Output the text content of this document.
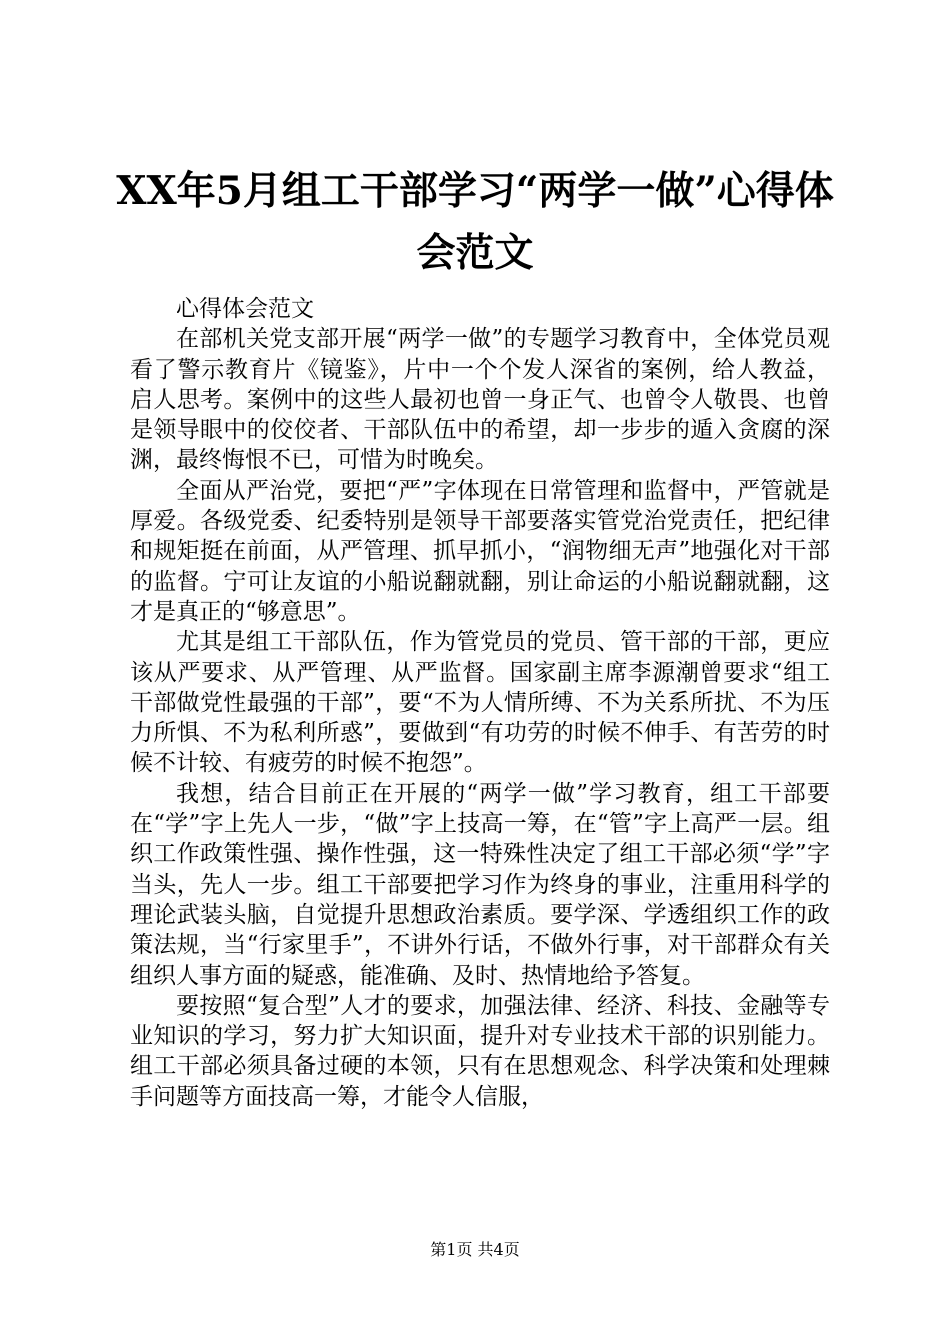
XX年5月组工干部学习“两学一做”心得体会范文

心得体会范文

在部机关党支部开展“两学一做”的专题学习教育中，全体党员观看了警示教育片《镜鉴》，片中一个个发人深省的案例，给人教益，启人思考。案例中的这些人最初也曾一身正气、也曾令人敬畏、也曾是领导眼中的佼佼者、干部队伍中的希望，却一步步的遁入贪腐的深渊，最终悔恨不已，可惜为时晚矣。

全面从严治党，要把“严”字体现在日常管理和监督中，严管就是厚爱。各级党委、纪委特别是领导干部要落实管党治党责任，把纪律和规矩挺在前面，从严管理、抓早抓小，“润物细无声”地强化对干部的监督。宁可让友谊的小船说翻就翻，别让命运的小船说翻就翻，这才是真正的“够意思”。

尤其是组工干部队伍，作为管党员的党员、管干部的干部，更应该从严要求、从严管理、从严监督。国家副主席李源潮曾要求“组工干部做党性最强的干部”，要“不为人情所缚、不为关系所扰、不为压力所惧、不为私利所惑”，要做到“有功劳的时候不伸手、有苦劳的时候不计较、有疲劳的时候不抱怨”。

我想，结合目前正在开展的“两学一做”学习教育，组工干部要在“学”字上先人一步，“做”字上技高一筹，在“管”字上高严一层。组织工作政策性强、操作性强，这一特殊性决定了组工干部必须“学”字当头，先人一步。组工干部要把学习作为终身的事业，注重用科学的理论武装头脑，自觉提升思想政治素质。要学深、学透组织工作的政策法规，当“行家里手”，不讲外行话，不做外行事，对干部群众有关组织人事方面的疑惑，能准确、及时、热情地给予答复。

要按照“复合型”人才的要求，加强法律、经济、科技、金融等专业知识的学习，努力扩大知识面，提升对专业技术干部的识别能力。组工干部必须具备过硬的本领，只有在思想观念、科学决策和处理棘手问题等方面技高一筹，才能令人信服，

第1页 共4页
